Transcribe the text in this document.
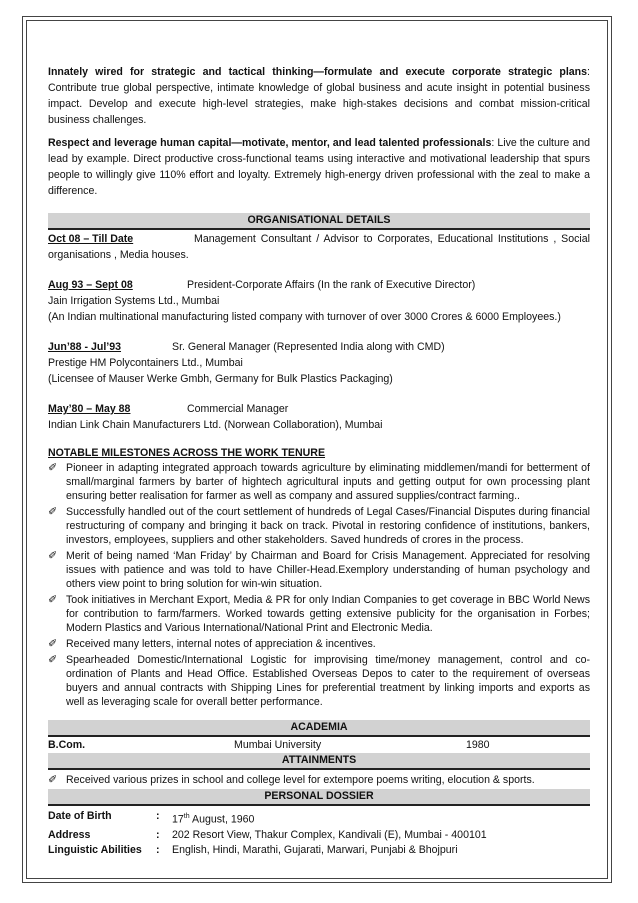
Innately wired for strategic and tactical thinking—formulate and execute corporate strategic plans: Contribute true global perspective, intimate knowledge of global business and acute insight in potential business impact. Develop and execute high-level strategies, make high-stakes decisions and combat mission-critical business challenges.

Respect and leverage human capital—motivate, mentor, and lead talented professionals: Live the culture and lead by example. Direct productive cross-functional teams using interactive and motivational leadership that spurs people to willingly give 110% effort and loyalty. Extremely high-energy driven professional with the zeal to make a difference.

ORGANISATIONAL DETAILS

Oct 08 – Till Date	Management Consultant / Advisor to Corporates, Educational Institutions , Social organisations , Media houses.

Aug 93 – Sept 08	President-Corporate Affairs (In the rank of Executive Director)

Jain Irrigation Systems Ltd., Mumbai

(An Indian multinational manufacturing listed company with turnover of over 3000 Crores & 6000 Employees.)

Jun’88 - Jul’93	Sr. General Manager (Represented India along with CMD)

Prestige HM Polycontainers Ltd., Mumbai

(Licensee of Mauser Werke Gmbh, Germany for Bulk Plastics Packaging)

May’80 – May 88	Commercial Manager

Indian Link Chain Manufacturers Ltd. (Norwean Collaboration), Mumbai

NOTABLE MILESTONES ACROSS THE WORK TENURE

✐ Pioneer in adapting integrated approach towards agriculture by eliminating middlemen/mandi for betterment of small/marginal farmers by barter of hightech agricultural inputs and getting output for own processing plant ensuring better realisation for farmer as well as company and assured supplies/contract farming..
✐ Successfully handled out of the court settlement of hundreds of Legal Cases/Financial Disputes during financial restructuring of company and bringing it back on track. Pivotal in restoring confidence of institutions, bankers, investors, employees, suppliers and other stakeholders. Saved hundreds of crores in the process.
✐ Merit of being named ‘Man Friday’ by Chairman and Board for Crisis Management. Appreciated for resolving issues with patience and was told to have Chiller-Head.Exemplory understanding of human psychology and others view point to bring solution for win-win situation.
✐ Took initiatives in Merchant Export, Media & PR for only Indian Companies to get coverage in BBC World News for contribution to farm/farmers. Worked towards getting extensive publicity for the organisation in Forbes; Modern Plastics and Various International/National Print and Electronic Media.
✐ Received many letters, internal notes of appreciation & incentives.
✐ Spearheaded Domestic/International Logistic for improvising time/money management, control and co-ordination of Plants and Head Office. Established Overseas Depos to cater to the requirement of overseas buyers and annual contracts with Shipping Lines for preferential treatment by linking imports and exports as well as leveraging scale for overall better performance.
ACADEMIA
B.Com.	Mumbai University	1980
ATTAINMENTS
✐ Received various prizes in school and college level for extempore poems writing, elocution & sports.
PERSONAL DOSSIER
Date of Birth	:	17th August, 1960
Address	:	202 Resort View, Thakur Complex, Kandivali (E), Mumbai - 400101
Linguistic Abilities	:	English, Hindi, Marathi, Gujarati, Marwari, Punjabi & Bhojpuri
